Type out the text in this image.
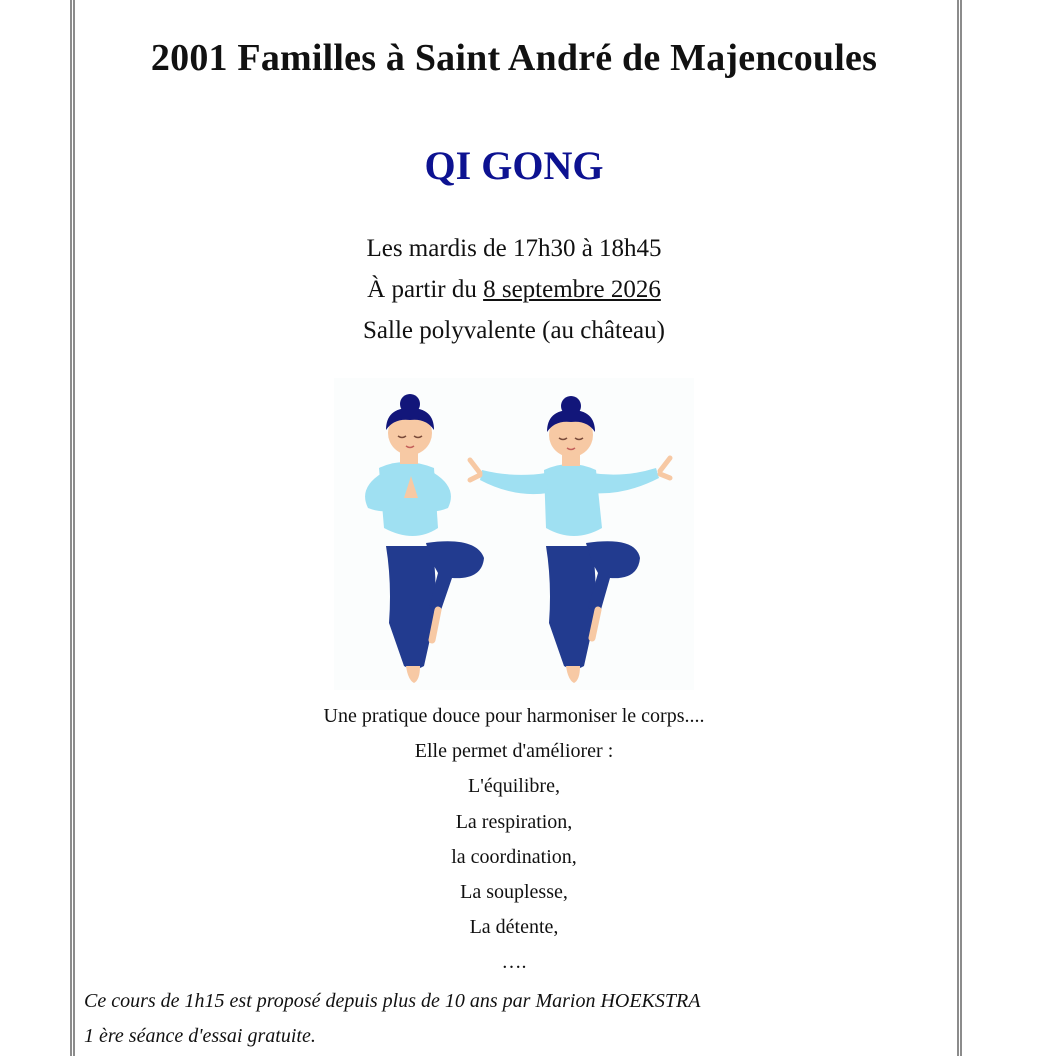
2001 Familles à Saint André de Majencoules
QI GONG
Les mardis de 17h30 à 18h45
À partir du 8 septembre 2026
Salle polyvalente (au château)
Une pratique douce pour harmoniser le corps....
Elle permet d'améliorer :
L'équilibre,
La respiration,
la coordination,
La souplesse,
La détente,
….
Ce cours de 1h15 est proposé depuis plus de 10 ans par Marion HOEKSTRA
1 ère séance d'essai gratuite.
